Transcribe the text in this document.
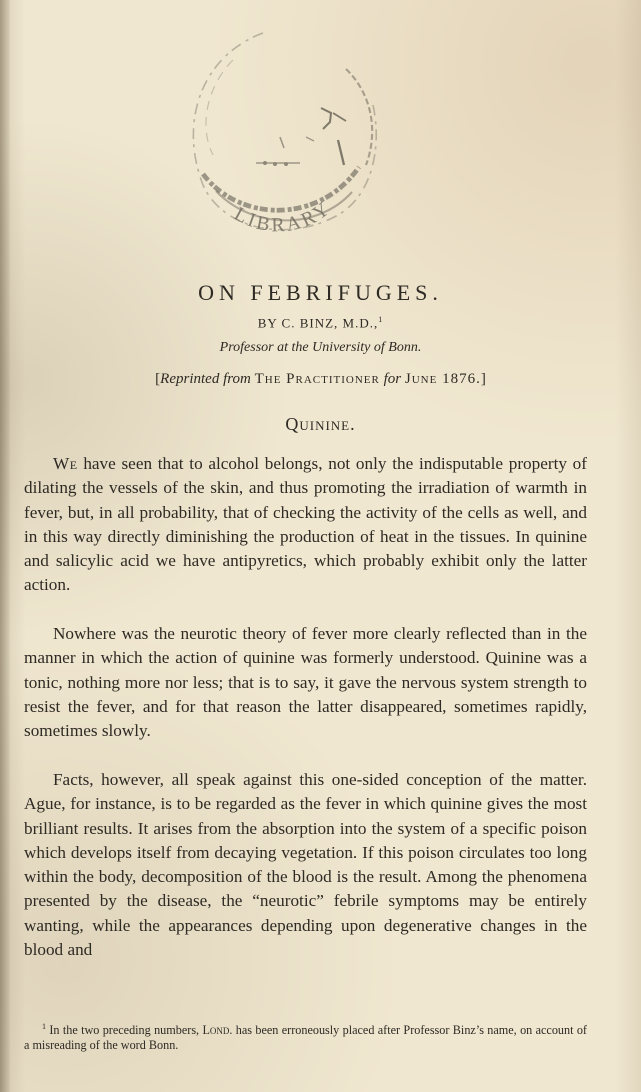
LIBRARY
ON FEBRIFUGES.
BY C. BINZ, M.D.,$^1$
Professor at the University of Bonn.
[Reprinted from The Practitioner for June 1876.]
Quinine.

We have seen that to alcohol belongs, not only the indisputable property of dilating the vessels of the skin, and thus promoting the irradiation of warmth in fever, but, in all probability, that of checking the activity of the cells as well, and in this way directly diminishing the production of heat in the tissues. In quinine and salicylic acid we have antipyretics, which probably exhibit only the latter action.

Nowhere was the neurotic theory of fever more clearly reflected than in the manner in which the action of quinine was formerly understood. Quinine was a tonic, nothing more nor less; that is to say, it gave the nervous system strength to resist the fever, and for that reason the latter disappeared, sometimes rapidly, sometimes slowly.

Facts, however, all speak against this one-sided conception of the matter. Ague, for instance, is to be regarded as the fever in which quinine gives the most brilliant results. It arises from the absorption into the system of a specific poison which develops itself from decaying vegetation. If this poison circulates too long within the body, decomposition of the blood is the result. Among the phenomena presented by the disease, the “neurotic” febrile symptoms may be entirely wanting, while the appearances depending upon degenerative changes in the blood and

$^1$ In the two preceding numbers, Lond. has been erroneously placed after Professor Binz’s name, on account of a misreading of the word Bonn.
